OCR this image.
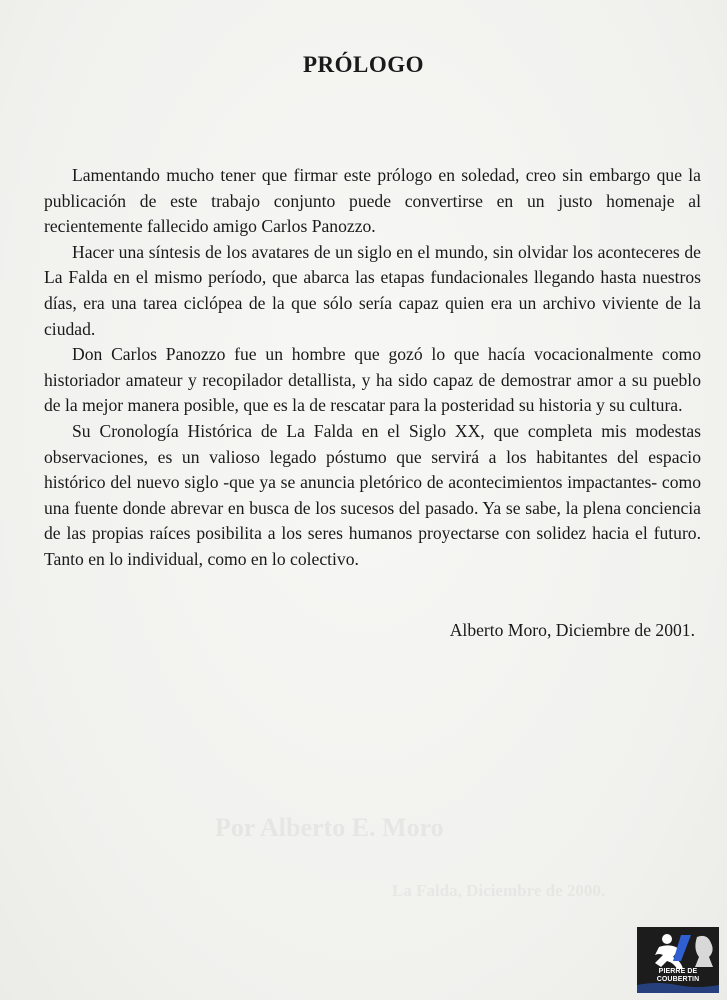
PRÓLOGO

Lamentando mucho tener que firmar este prólogo en soledad, creo sin embargo que la publicación de este trabajo conjunto puede convertirse en un justo homenaje al recientemente fallecido amigo Carlos Panozzo.

Hacer una síntesis de los avatares de un siglo en el mundo, sin olvidar los aconteceres de La Falda en el mismo período, que abarca las etapas fundacionales llegando hasta nuestros días, era una tarea ciclópea de la que sólo sería capaz quien era un archivo viviente de la ciudad.

Don Carlos Panozzo fue un hombre que gozó lo que hacía vocacionalmente como historiador amateur y recopilador detallista, y ha sido capaz de demostrar amor a su pueblo de la mejor manera posible, que es la de rescatar para la posteridad su historia y su cultura.

Su Cronología Histórica de La Falda en el Siglo XX, que completa mis modestas observaciones, es un valioso legado póstumo que servirá a los habitantes del espacio histórico del nuevo siglo -que ya se anuncia pletórico de acontecimientos impactantes- como una fuente donde abrevar en busca de los sucesos del pasado. Ya se sabe, la plena conciencia de las propias raíces posibilita a los seres humanos proyectarse con solidez hacia el futuro. Tanto en lo individual, como en lo colectivo.

Alberto Moro, Diciembre de 2001.

Por Alberto E. Moro

La Falda, Diciembre de 2000.

PIERRE DE COUBERTIN
